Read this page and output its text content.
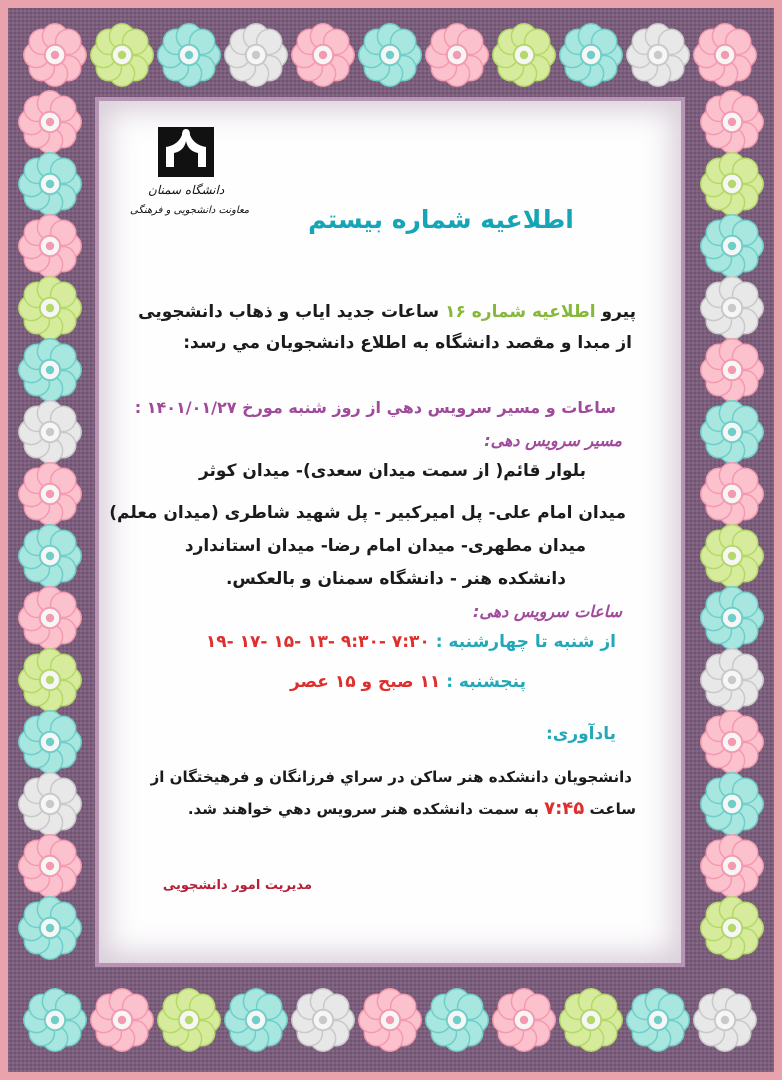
دانشگاه سمنان
معاونت دانشجویی و فرهنگی	اطلاعیه شماره بیستم
پیرو اطلاعیه شماره ۱۶ ساعات جدید ایاب و ذهاب دانشجویی
از مبدا و مقصد دانشگاه به اطلاع دانشجویان مي رسد:
ساعات و مسیر سرویس دهي از روز شنبه مورخ ۱۴۰۱/۰۱/۲۷ :
مسیر سرویس دهی:
بلوار قائم( از سمت میدان سعدی)- میدان کوثر
میدان امام علی- پل امیرکبیر - پل شهید شاطری (میدان معلم)
میدان مطهری- میدان امام رضا- میدان استاندارد
دانشکده هنر - دانشگاه سمنان و بالعکس.
ساعات سرویس دهی:
از شنبه تا چهارشنبه : ۷:۳۰ -۹:۳۰ -۱۳ -۱۵ -۱۷ -۱۹
پنجشنبه : ۱۱ صبح و ۱۵ عصر
یادآوری:
دانشجویان دانشکده هنر ساکن در سراي فرزانگان و فرهیختگان از
ساعت ۷:۴۵ به سمت دانشکده هنر سرویس دهي خواهند شد.
مدیریت امور دانشجویی
